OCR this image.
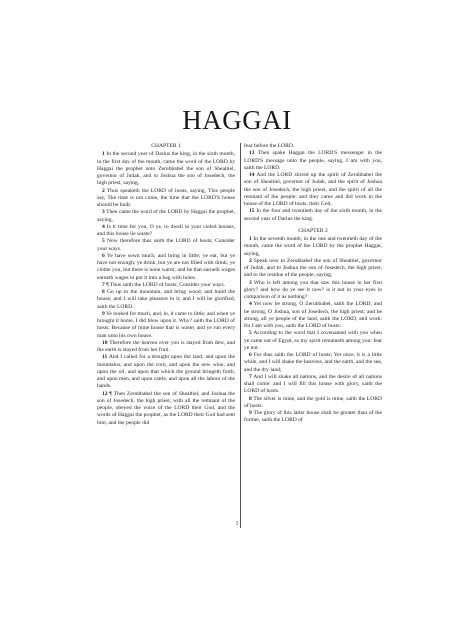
HAGGAI
CHAPTER 1

1 In the second year of Darius the king, in the sixth month, in the first day of the month, came the word of the LORD by Haggai the prophet unto Zerubbabel the son of Shealtiel, governor of Judah, and to Joshua the son of Josedech, the high priest, saying,

2 Thus speaketh the LORD of hosts, saying, This people say, The time is not come, the time that the LORD'S house should be built.

3 Then came the word of the LORD by Haggai the prophet, saying,

4 Is it time for you, O ye, to dwell in your cieled houses, and this house lie waste?

5 Now therefore thus saith the LORD of hosts; Consider your ways.

6 Ye have sown much, and bring in little; ye eat, but ye have not enough; ye drink, but ye are not filled with drink; ye clothe you, but there is none warm; and he that earneth wages earneth wages to put it into a bag with holes.

7 ¶ Thus saith the LORD of hosts; Consider your ways.

8 Go up to the mountain, and bring wood, and build the house; and I will take pleasure in it, and I will be glorified, saith the LORD.

9 Ye looked for much, and, lo, it came to little; and when ye brought it home, I did blow upon it. Why? saith the LORD of hosts. Because of mine house that is waste, and ye run every man unto his own house.

10 Therefore the heaven over you is stayed from dew, and the earth is stayed from her fruit.

11 And I called for a drought upon the land, and upon the mountains, and upon the corn, and upon the new wine, and upon the oil, and upon that which the ground bringeth forth, and upon men, and upon cattle, and upon all the labour of the hands.

12 ¶ Then Zerubbabel the son of Shealtiel, and Joshua the son of Josedech, the high priest, with all the remnant of the people, obeyed the voice of the LORD their God, and the words of Haggai the prophet, as the LORD their God had sent him, and the people did

fear before the LORD.

13 Then spake Haggai the LORD'S messenger in the LORD'S message unto the people, saying, I am with you, saith the LORD.

14 And the LORD stirred up the spirit of Zerubbabel the son of Shealtiel, governor of Judah, and the spirit of Joshua the son of Josedech, the high priest, and the spirit of all the remnant of the people; and they came and did work in the house of the LORD of hosts, their God,

15 In the four and twentieth day of the sixth month, in the second year of Darius the king.

CHAPTER 2

1 In the seventh month, in the one and twentieth day of the month, came the word of the LORD by the prophet Haggai, saying,

2 Speak now to Zerubbabel the son of Shealtiel, governor of Judah, and to Joshua the son of Josedech, the high priest, and to the residue of the people, saying,

3 Who is left among you that saw this house in her first glory? and how do ye see it now? is it not in your eyes in comparison of it as nothing?

4 Yet now be strong, O Zerubbabel, saith the LORD; and be strong, O Joshua, son of Josedech, the high priest; and be strong, all ye people of the land, saith the LORD, and work: for I am with you, saith the LORD of hosts:

5 According to the word that I covenanted with you when ye came out of Egypt, so my spirit remaineth among you: fear ye not.

6 For thus saith the LORD of hosts; Yet once, it is a little while, and I will shake the heavens, and the earth, and the sea, and the dry land;

7 And I will shake all nations, and the desire of all nations shall come: and I will fill this house with glory, saith the LORD of hosts.

8 The silver is mine, and the gold is mine, saith the LORD of hosts.

9 The glory of this latter house shall be greater than of the former, saith the LORD of

1
